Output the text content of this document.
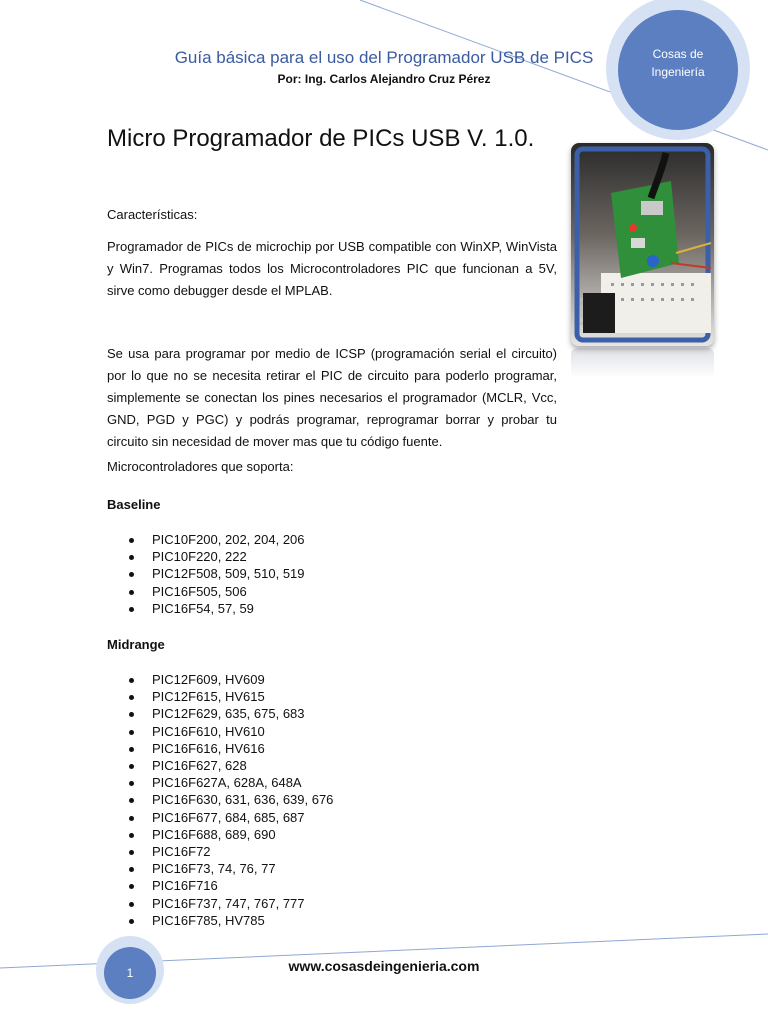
Guía básica para el uso del Programador USB de PICS
Por: Ing. Carlos Alejandro Cruz Pérez
Cosas de
Ingeniería
Micro Programador de PICs USB V. 1.0.
Características:
Programador de PICs de microchip por USB compatible con WinXP, WinVista y Win7. Programas todos los Microcontroladores PIC que funcionan a 5V, sirve como debugger desde el MPLAB.
Se usa para programar por medio de ICSP (programación serial el circuito) por lo que no se necesita retirar el PIC de circuito para poderlo programar, simplemente se conectan los pines necesarios el programador (MCLR, Vcc, GND, PGD y PGC) y podrás programar, reprogramar borrar y probar tu circuito sin necesidad de mover mas que tu código fuente.
Microcontroladores que soporta:
Baseline
PIC10F200, 202, 204, 206
PIC10F220, 222
PIC12F508, 509, 510, 519
PIC16F505, 506
PIC16F54, 57, 59
Midrange
PIC12F609, HV609
PIC12F615, HV615
PIC12F629, 635, 675, 683
PIC16F610, HV610
PIC16F616, HV616
PIC16F627, 628
PIC16F627A, 628A, 648A
PIC16F630, 631, 636, 639, 676
PIC16F677, 684, 685, 687
PIC16F688, 689, 690
PIC16F72
PIC16F73, 74, 76, 77
PIC16F716
PIC16F737, 747, 767, 777
PIC16F785, HV785
1	www.cosasdeingenieria.com
